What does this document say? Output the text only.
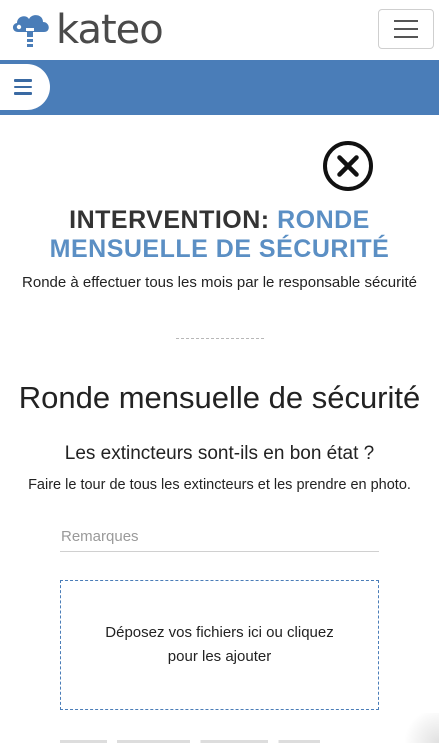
kateo
INTERVENTION: RONDE MENSUELLE DE SÉCURITÉ
Ronde à effectuer tous les mois par le responsable sécurité
Ronde mensuelle de sécurité
Les extincteurs sont-ils en bon état ?
Faire le tour de tous les extincteurs et les prendre en photo.
Remarques
Déposez vos fichiers ici ou cliquez
pour les ajouter
